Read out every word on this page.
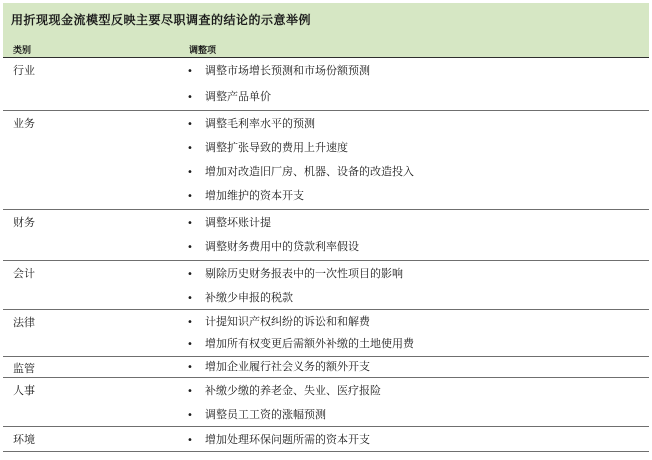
用折现现金流模型反映主要尽职调查的结论的示意举例
类别	调整项
行业	• 调整市场增长预测和市场份额预测
• 调整产品单价
业务	• 调整毛利率水平的预测
• 调整扩张导致的费用上升速度
• 增加对改造旧厂房、机器、设备的改造投入
• 增加维护的资本开支
财务	• 调整坏账计提
• 调整财务费用中的贷款利率假设
会计	• 剔除历史财务报表中的一次性项目的影响
• 补缴少申报的税款
法律	• 计提知识产权纠纷的诉讼和和解费
• 增加所有权变更后需额外补缴的土地使用费
监管	• 增加企业履行社会义务的额外开支
人事	• 补缴少缴的养老金、失业、医疗报险
• 调整员工工资的涨幅预测
环境	• 增加处理环保问题所需的资本开支
